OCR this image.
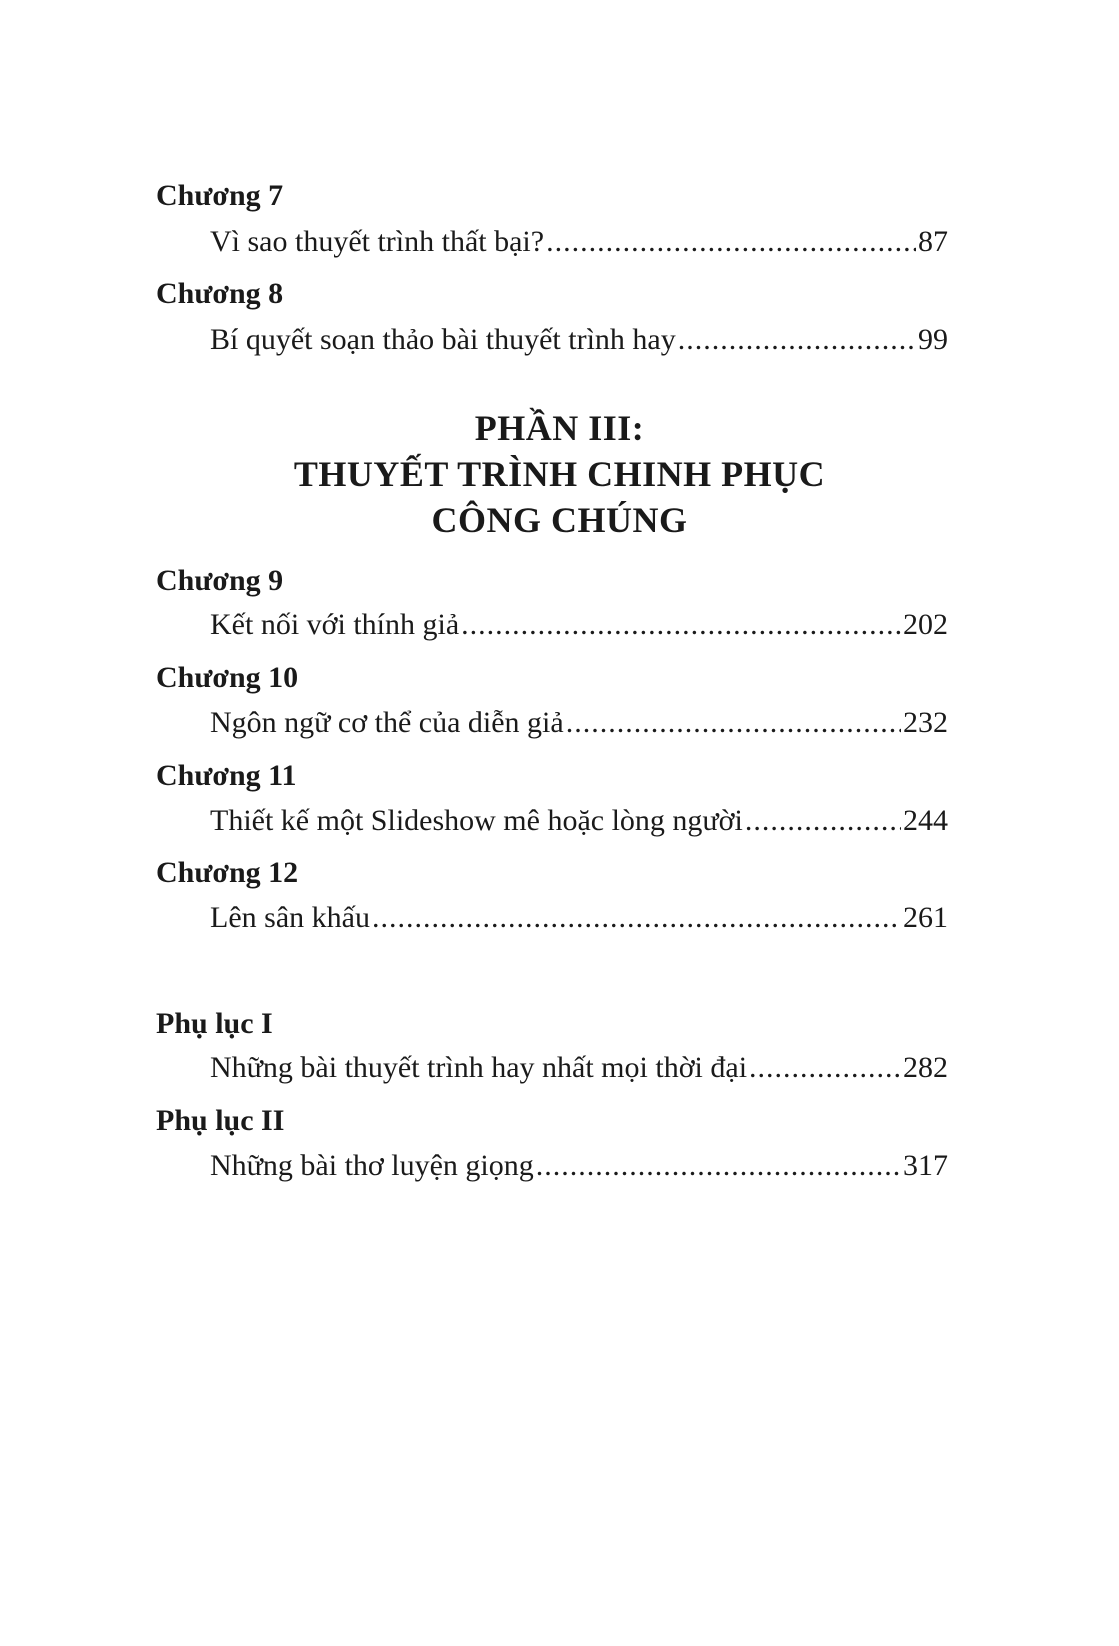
Chương 7
Vì sao thuyết trình thất bại? .....	87
Chương 8
Bí quyết soạn thảo bài thuyết trình hay .....	99
PHẦN III:
THUYẾT TRÌNH CHINH PHỤC
CÔNG CHÚNG
Chương 9
Kết nối với thính giả .....	202
Chương 10
Ngôn ngữ cơ thể của diễn giả .....	232
Chương 11
Thiết kế một Slideshow mê hoặc lòng người .....	244
Chương 12
Lên sân khấu .....	261
Phụ lục I
Những bài thuyết trình hay nhất mọi thời đại .....	282
Phụ lục II
Những bài thơ luyện giọng .....	317
